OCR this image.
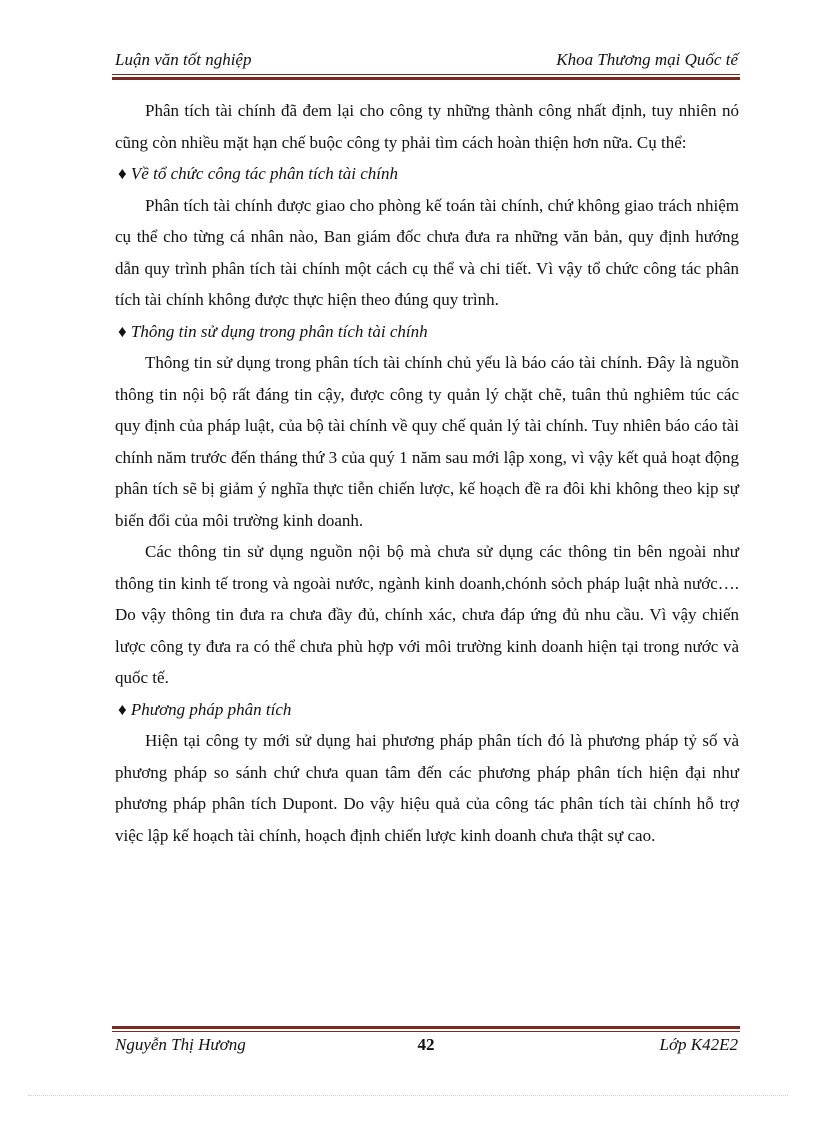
Luận văn tốt nghiệp	Khoa Thương mại Quốc tế

Phân tích tài chính đã đem lại cho công ty những thành công nhất định, tuy nhiên nó cũng còn nhiều mặt hạn chế buộc công ty phải tìm cách hoàn thiện hơn nữa. Cụ thể:

♦ Về tổ chức công tác phân tích tài chính

Phân tích tài chính được giao cho phòng kế toán tài chính, chứ không giao trách nhiệm cụ thể cho từng cá nhân nào, Ban giám đốc chưa đưa ra những văn bản, quy định hướng dẫn quy trình phân tích tài chính một cách cụ thể và chi tiết. Vì vậy tổ chức công tác phân tích tài chính không được thực hiện theo đúng quy trình.

♦ Thông tin sử dụng trong phân tích tài chính

Thông tin sử dụng trong phân tích tài chính chủ yếu là báo cáo tài chính. Đây là nguồn thông tin nội bộ rất đáng tin cậy, được công ty quản lý chặt chẽ, tuân thủ nghiêm túc các quy định của pháp luật, của bộ tài chính về quy chế quản lý tài chính. Tuy nhiên báo cáo tài chính năm trước đến tháng thứ 3 của quý 1 năm sau mới lập xong, vì vậy kết quả hoạt động phân tích sẽ bị giảm ý nghĩa thực tiễn chiến lược, kế hoạch đề ra đôi khi không theo kịp sự biến đổi của môi trường kinh doanh.

Các thông tin sử dụng nguồn nội bộ mà chưa sử dụng các thông tin bên ngoài như thông tin kinh tế trong và ngoài nước, ngành kinh doanh,chónh sỏch pháp luật nhà nước…. Do vậy thông tin đưa ra chưa đầy đủ, chính xác, chưa đáp ứng đủ nhu cầu. Vì vậy chiến lược công ty đưa ra có thể chưa phù hợp với môi trường kinh doanh hiện tại trong nước và quốc tế.

♦ Phương pháp phân tích

Hiện tại công ty mới sử dụng hai phương pháp phân tích đó là phương pháp tỷ số và phương pháp so sánh chứ chưa quan tâm đến các phương pháp phân tích hiện đại như phương pháp phân tích Dupont. Do vậy hiệu quả của công tác phân tích tài chính hỗ trợ việc lập kế hoạch tài chính, hoạch định chiến lược kinh doanh chưa thật sự cao.

Nguyễn Thị Hương	42	Lớp K42E2
